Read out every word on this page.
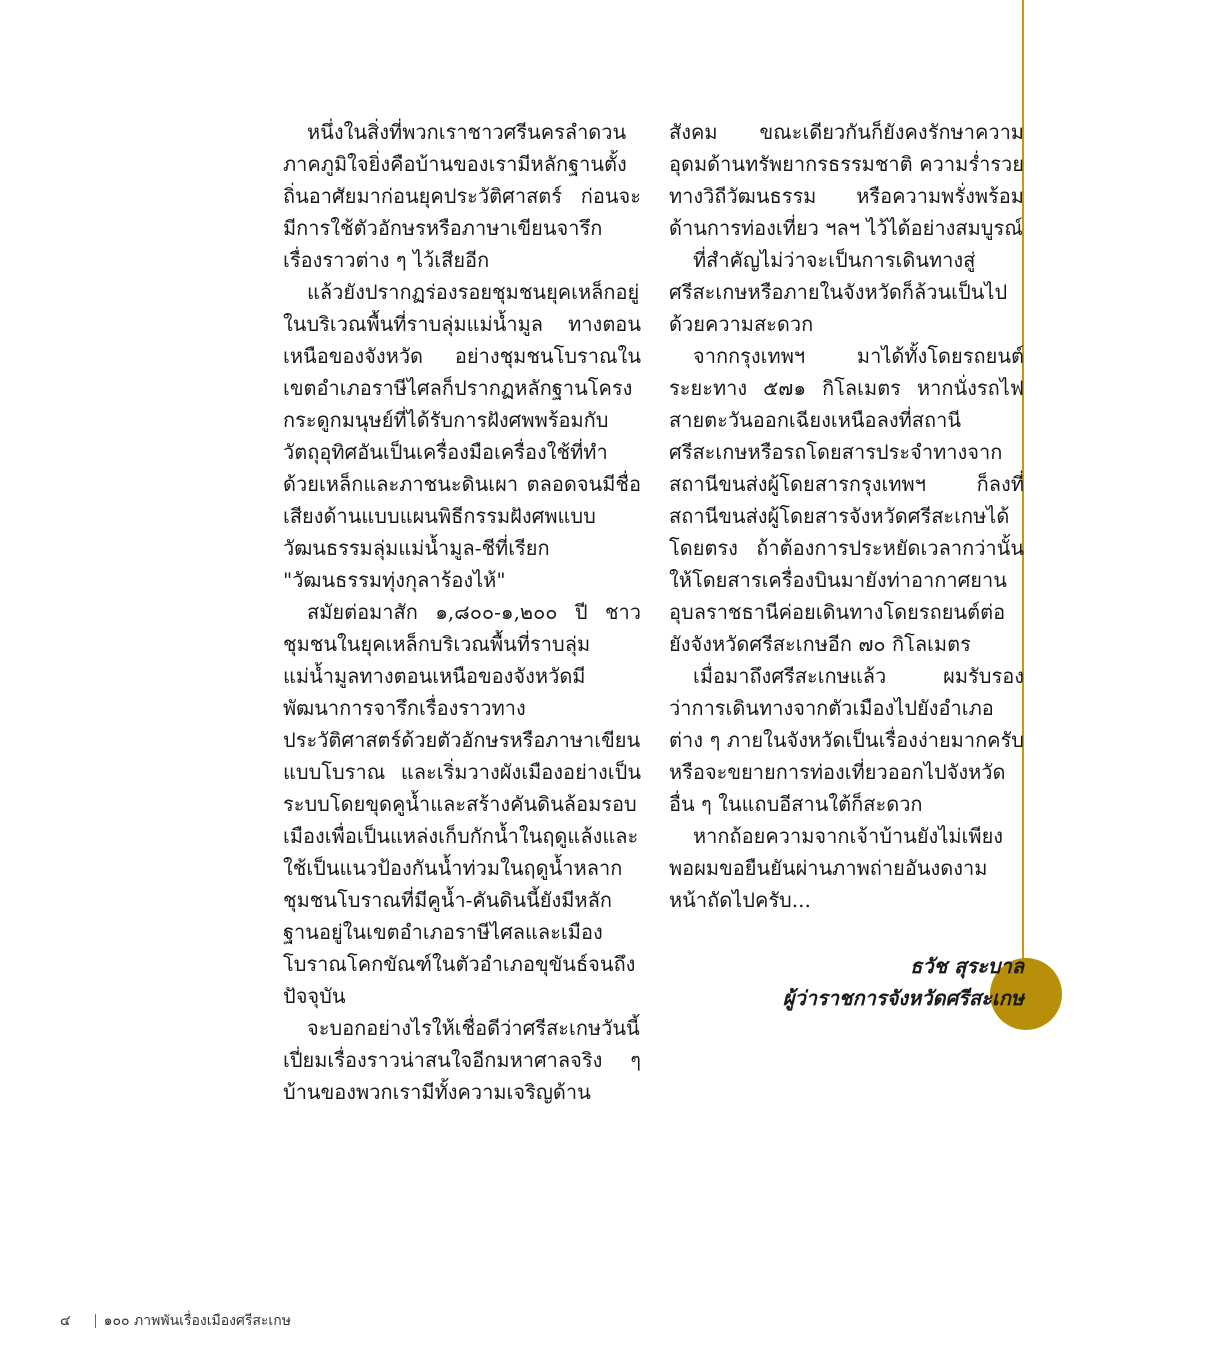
หนึ่งในสิ่งที่พวกเราชาวศรีนครลำดวนภาคภูมิใจยิ่งคือบ้านของเรามีหลักฐานตั้งถิ่นอาศัยมาก่อนยุคประวัติศาสตร์ ก่อนจะมีการใช้ตัวอักษรหรือภาษาเขียนจารึกเรื่องราวต่าง ๆ ไว้เสียอีก

แล้วยังปรากฏร่องรอยชุมชนยุคเหล็กอยู่ในบริเวณพื้นที่ราบลุ่มแม่น้ำมูล ทางตอนเหนือของจังหวัด อย่างชุมชนโบราณในเขตอำเภอราษีไศลก็ปรากฏหลักฐานโครงกระดูกมนุษย์ที่ได้รับการฝังศพพร้อมกับวัตถุอุทิศอันเป็นเครื่องมือเครื่องใช้ที่ทำด้วยเหล็กและภาชนะดินเผา ตลอดจนมีชื่อเสียงด้านแบบแผนพิธีกรรมฝังศพแบบวัฒนธรรมลุ่มแม่น้ำมูล-ชีที่เรียก "วัฒนธรรมทุ่งกุลาร้องไห้"

สมัยต่อมาสัก ๑,๘๐๐-๑,๒๐๐ ปี ชาวชุมชนในยุคเหล็กบริเวณพื้นที่ราบลุ่มแม่น้ำมูลทางตอนเหนือของจังหวัดมีพัฒนาการจารึกเรื่องราวทางประวัติศาสตร์ด้วยตัวอักษรหรือภาษาเขียนแบบโบราณ และเริ่มวางผังเมืองอย่างเป็นระบบโดยขุดคูน้ำและสร้างคันดินล้อมรอบเมืองเพื่อเป็นแหล่งเก็บกักน้ำในฤดูแล้งและใช้เป็นแนวป้องกันน้ำท่วมในฤดูน้ำหลาก ชุมชนโบราณที่มีคูน้ำ-คันดินนี้ยังมีหลักฐานอยู่ในเขตอำเภอราษีไศลและเมืองโบราณโคกขัณฑ์ในตัวอำเภอขุขันธ์จนถึงปัจจุบัน

จะบอกอย่างไรให้เชื่อดีว่าศรีสะเกษวันนี้ เปี่ยมเรื่องราวน่าสนใจอีกมหาศาลจริง ๆ บ้านของพวกเรามีทั้งความเจริญด้าน

สังคม ขณะเดียวกันก็ยังคงรักษาความอุดมด้านทรัพยากรธรรมชาติ ความร่ำรวยทางวิถีวัฒนธรรม หรือความพรั่งพร้อมด้านการท่องเที่ยว ฯลฯ ไว้ได้อย่างสมบูรณ์

ที่สำคัญไม่ว่าจะเป็นการเดินทางสู่ศรีสะเกษหรือภายในจังหวัดก็ล้วนเป็นไปด้วยความสะดวก

จากกรุงเทพฯ มาได้ทั้งโดยรถยนต์ ระยะทาง ๕๗๑ กิโลเมตร หากนั่งรถไฟสายตะวันออกเฉียงเหนือลงที่สถานีศรีสะเกษหรือรถโดยสารประจำทางจากสถานีขนส่งผู้โดยสารกรุงเทพฯ ก็ลงที่สถานีขนส่งผู้โดยสารจังหวัดศรีสะเกษได้โดยตรง ถ้าต้องการประหยัดเวลากว่านั้นให้โดยสารเครื่องบินมายังท่าอากาศยานอุบลราชธานีค่อยเดินทางโดยรถยนต์ต่อยังจังหวัดศรีสะเกษอีก ๗๐ กิโลเมตร

เมื่อมาถึงศรีสะเกษแล้ว ผมรับรองว่าการเดินทางจากตัวเมืองไปยังอำเภอต่าง ๆ ภายในจังหวัดเป็นเรื่องง่ายมากครับ หรือจะขยายการท่องเที่ยวออกไปจังหวัดอื่น ๆ ในแถบอีสานใต้ก็สะดวก

หากถ้อยความจากเจ้าบ้านยังไม่เพียงพอผมขอยืนยันผ่านภาพถ่ายอันงดงามหน้าถัดไปครับ...

ธวัช สุระบาล
ผู้ว่าราชการจังหวัดศรีสะเกษ
๔ ๑๐๐ ภาพพันเรื่องเมืองศรีสะเกษ
